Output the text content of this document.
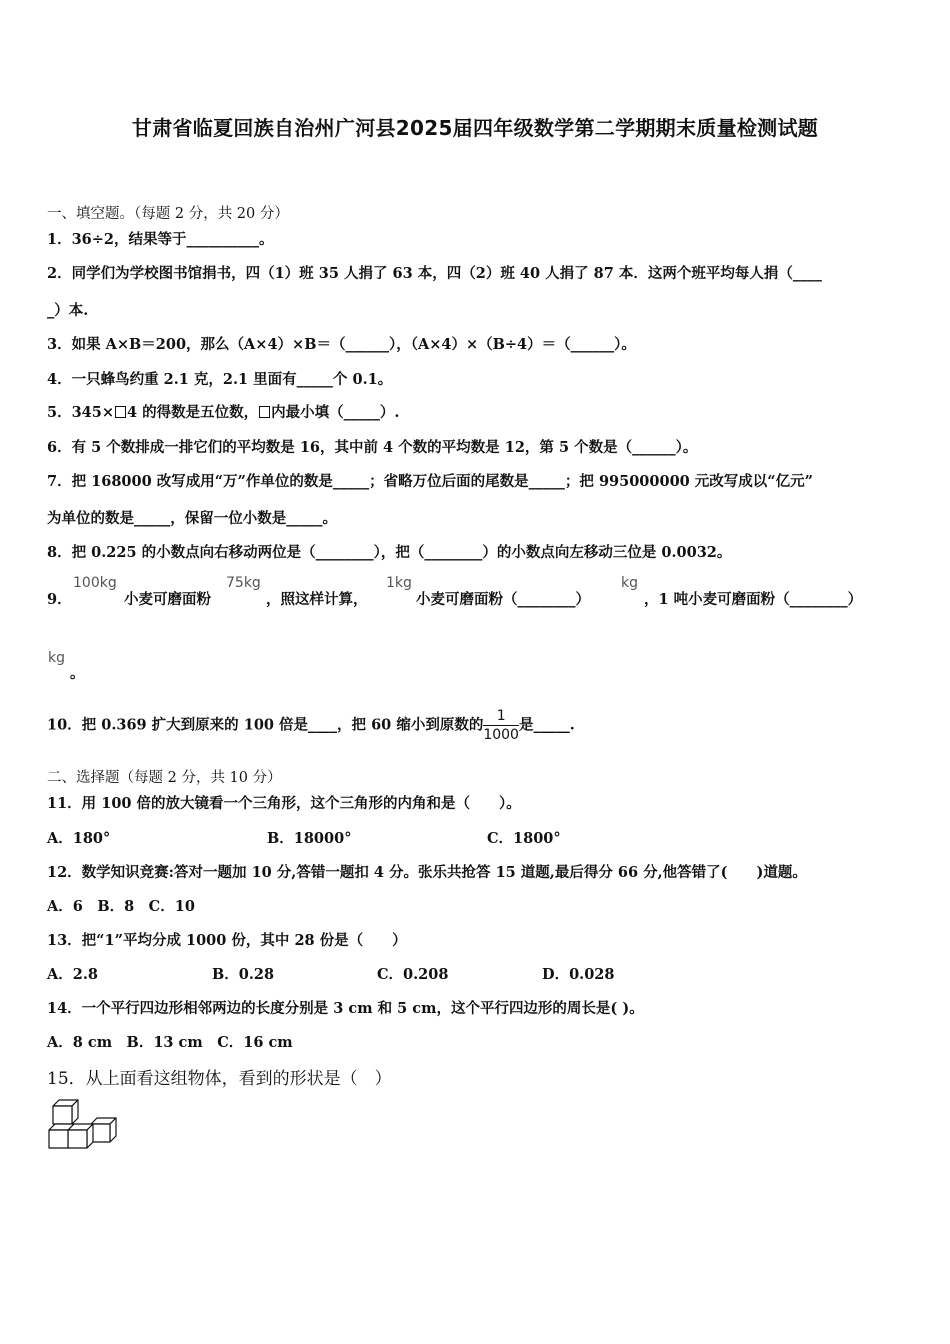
甘肃省临夏回族自治州广河县2025届四年级数学第二学期期末质量检测试题
一、填空题。（每题 2 分，共 20 分）
1．36÷2，结果等于__________。
2．同学们为学校图书馆捐书，四（1）班 35 人捐了 63 本，四（2）班 40 人捐了 87 本．这两个班平均每人捐（____
_）本.
3．如果 A×B＝200，那么（A×4）×B＝（______），（A×4）×（B÷4）＝（______）。
4．一只蜂鸟约重 2.1 克，2.1 里面有_____个 0.1。
5．345× 4 的得数是五位数， 内最小填（_____）.
6．有 5 个数排成一排它们的平均数是 16，其中前 4 个数的平均数是 12，第 5 个数是（______）。
7．把 168000 改写成用“万”作单位的数是_____；省略万位后面的尾数是_____；把 995000000 元改写成以“亿元”
为单位的数是_____，保留一位小数是_____。
8．把 0.225 的小数点向右移动两位是（________），把（________）的小数点向左移动三位是 0.0032。
9．
100kg
小麦可磨面粉
75kg
，照这样计算，
1kg
小麦可磨面粉（________）
kg
，1 吨小麦可磨面粉（________）
kg
。
10．把 0.369 扩大到原来的 100 倍是____，把 60 缩小到原数的 $\frac{1}{1000}$ 是_____.
二、选择题（每题 2 分，共 10 分）
11．用 100 倍的放大镜看一个三角形，这个三角形的内角和是（　　）。
A．180°	B．18000°	C．1800°
12．数学知识竞赛:答对一题加 10 分,答错一题扣 4 分。张乐共抢答 15 道题,最后得分 66 分,他答错了(　　)道题。
A．6　B．8　C．10
13．把“1”平均分成 1000 份，其中 28 份是（　　）
A．2.8	B．0.28	C．0.208	D．0.028
14．一个平行四边形相邻两边的长度分别是 3 cm 和 5 cm，这个平行四边形的周长是( )。
A．8 cm　B．13 cm　C．16 cm
15．从上面看这组物体，看到的形状是（　）
